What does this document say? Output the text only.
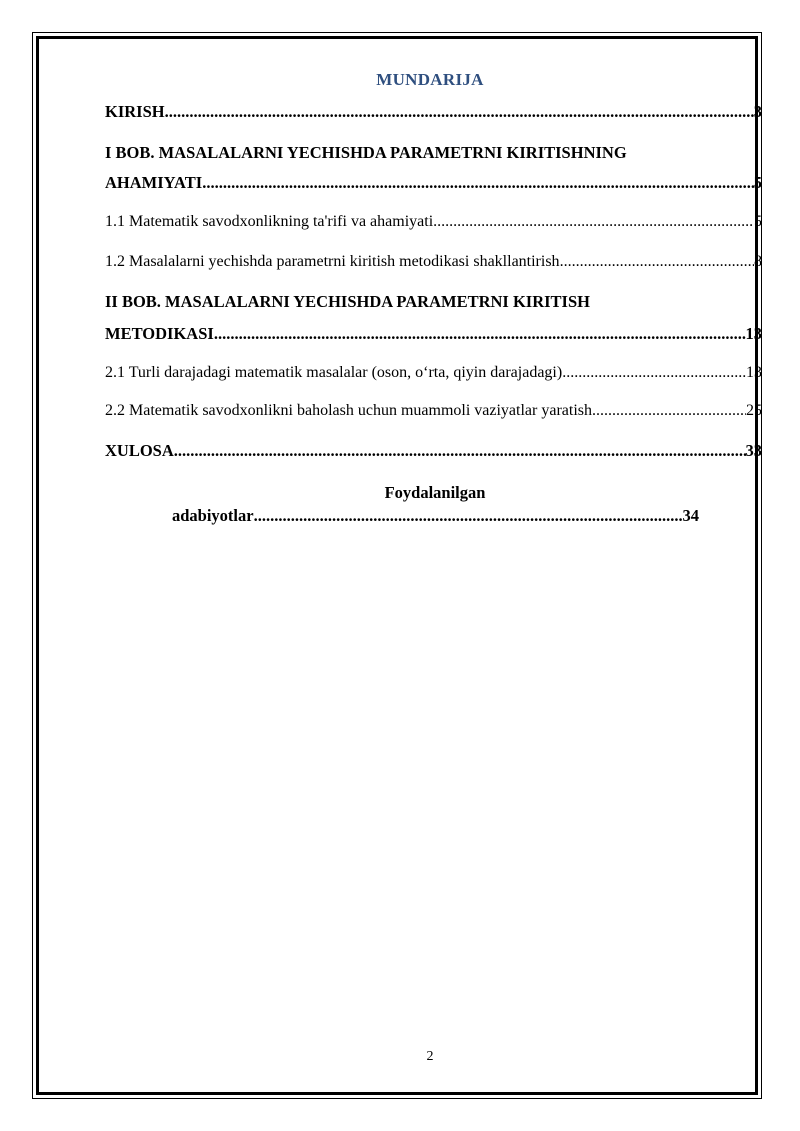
MUNDARIJA
KIRISH .....	3
I BOB. MASALALARNI YECHISHDA PARAMETRNI KIRITISHNING
AHAMIYATI .....	5
1.1 Matematik savodxonlikning ta'rifi va ahamiyati .....	5
1.2 Masalalarni yechishda parametrni kiritish metodikasi shakllantirish .....	8
II BOB. MASALALARNI YECHISHDA PARAMETRNI KIRITISH
METODIKASI .....	13
2.1 Turli darajadagi matematik masalalar (oson, o‘rta, qiyin darajadagi) .....	13
2.2 Matematik savodxonlikni baholash uchun muammoli vaziyatlar yaratish .....	25
XULOSA .....	33
Foydalanilgan
adabiyotlar .....	34
2
